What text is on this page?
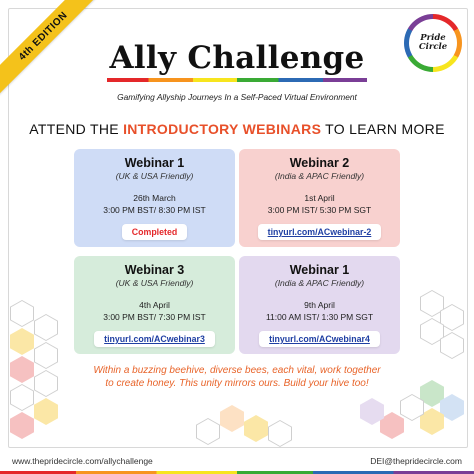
4th EDITION	Pride Circle
Ally Challenge
Gamifying Allyship Journeys In a Self-Paced Virtual Environment
ATTEND THE INTRODUCTORY WEBINARS TO LEARN MORE
Webinar 1
(UK & USA Friendly)
26th March
3:00 PM BST/ 8:30 PM IST
Completed
Webinar 2
(India & APAC Friendly)
1st April
3:00 PM IST/ 5:30 PM SGT
tinyurl.com/ACwebinar-2
Webinar 3
(UK & USA Friendly)
4th April
3:00 PM BST/ 7:30 PM IST
tinyurl.com/ACwebinar3
Webinar 1
(India & APAC Friendly)
9th April
11:00 AM IST/ 1:30 PM SGT
tinyurl.com/ACwebinar4
Within a buzzing beehive, diverse bees, each vital, work together to create honey. This unity mirrors ours. Build your hive too!
www.thepridecircle.com/allychallenge	DEI@thepridecircle.com
